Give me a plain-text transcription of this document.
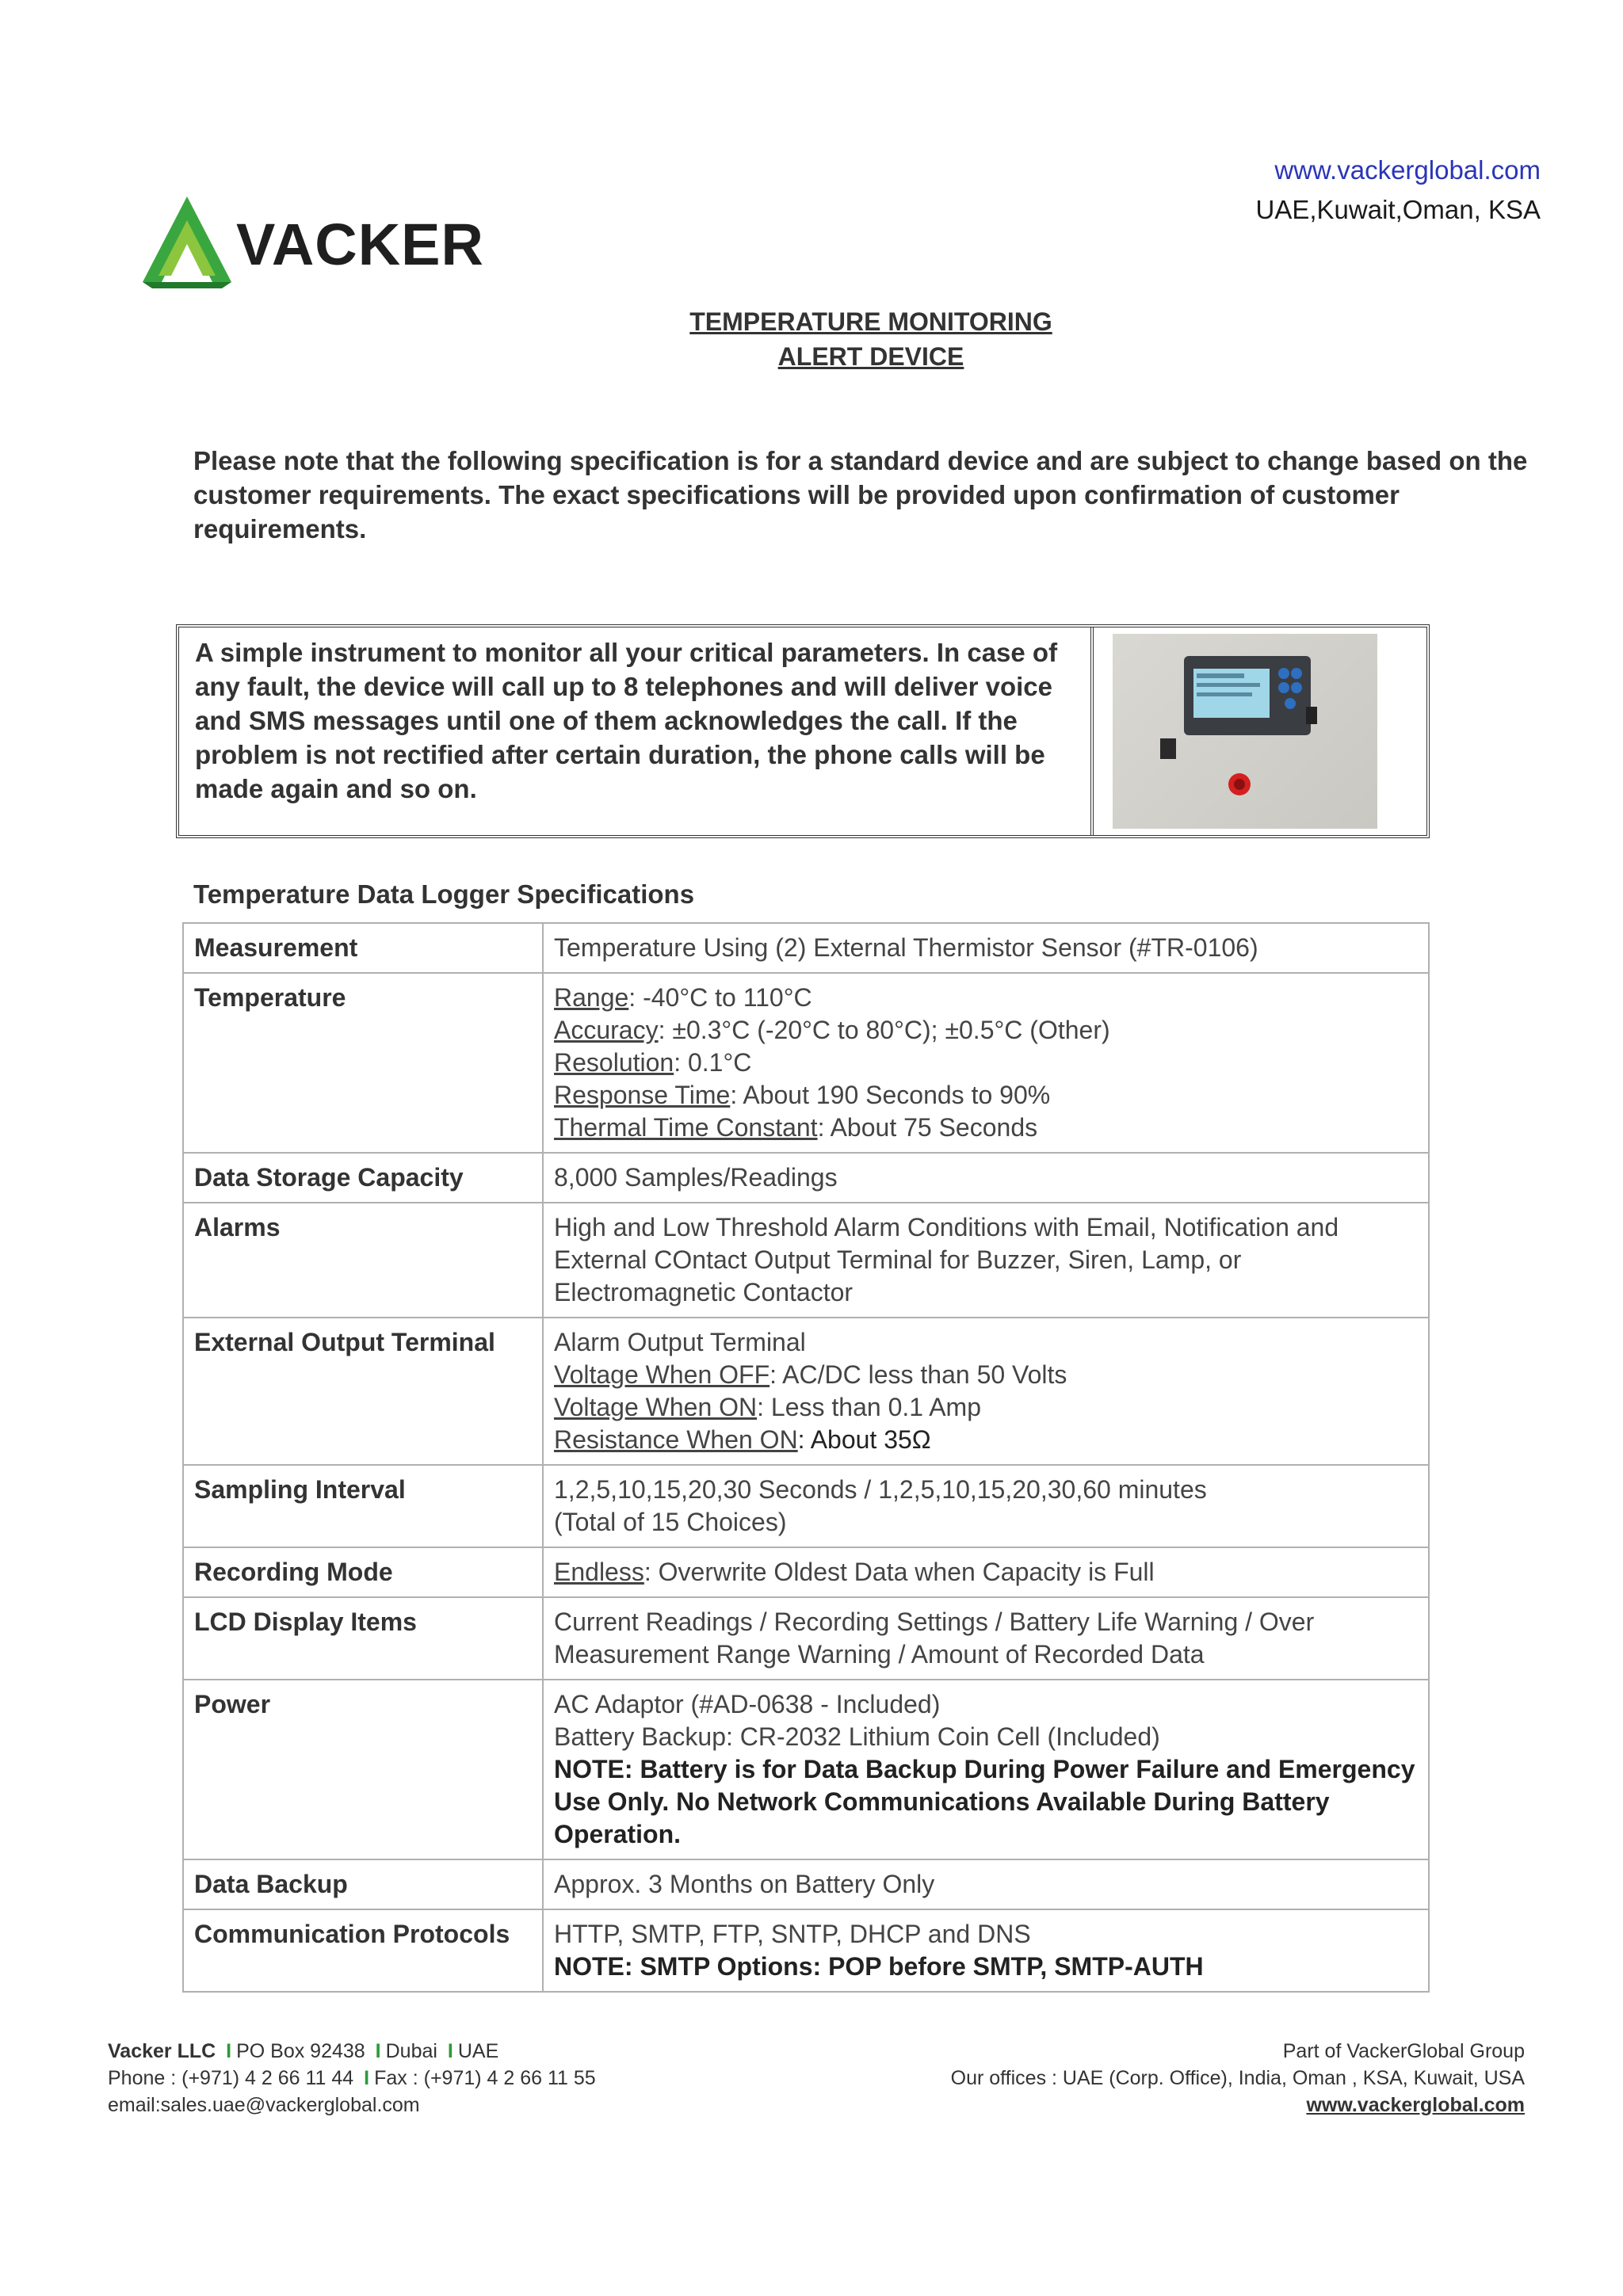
www.vackerglobal.com
UAE,Kuwait,Oman, KSA
VACKER
TEMPERATURE MONITORING
ALERT DEVICE
Please note that the following specification is for a standard device and are subject to change based on the customer requirements. The exact specifications will be provided upon confirmation of customer requirements.
A simple instrument to monitor all your critical parameters. In case of any fault, the device will call up to 8 telephones and will deliver voice and SMS messages until one of them acknowledges the call. If the problem is not rectified after certain duration, the phone calls will be made again and so on.
Temperature Data Logger Specifications
Measurement	Temperature Using (2) External Thermistor Sensor (#TR-0106)
Temperature	Range: -40°C to 110°C
Accuracy: ±0.3°C (-20°C to 80°C); ±0.5°C (Other)
Resolution: 0.1°C
Response Time: About 190 Seconds to 90%
Thermal Time Constant: About 75 Seconds

Data Storage Capacity	8,000 Samples/Readings
Alarms	High and Low Threshold Alarm Conditions with Email, Notification and External COntact Output Terminal for Buzzer, Siren, Lamp, or Electromagnetic Contactor
External Output Terminal	Alarm Output Terminal
Voltage When OFF: AC/DC less than 50 Volts
Voltage When ON: Less than 0.1 Amp
Resistance When ON: About 35Ω

Sampling Interval	1,2,5,10,15,20,30 Seconds / 1,2,5,10,15,20,30,60 minutes
(Total of 15 Choices)

Recording Mode	Endless: Overwrite Oldest Data when Capacity is Full
LCD Display Items	Current Readings / Recording Settings / Battery Life Warning / Over Measurement Range Warning / Amount of Recorded Data
Power	AC Adaptor (#AD-0638 - Included)
Battery Backup: CR-2032 Lithium Coin Cell (Included)
NOTE: Battery is for Data Backup During Power Failure and Emergency Use Only. No Network Communications Available During Battery Operation.

Data Backup	Approx. 3 Months on Battery Only
Communication Protocols	HTTP, SMTP, FTP, SNTP, DHCP and DNS
NOTE: SMTP Options: POP before SMTP, SMTP-AUTH
Vacker LLC I PO Box 92438 I Dubai I UAE
Phone : (+971) 4 2 66 11 44 I Fax : (+971) 4 2 66 11 55
email:sales.uae@vackerglobal.com
Part of VackerGlobal Group
Our offices : UAE (Corp. Office), India, Oman , KSA, Kuwait, USA
www.vackerglobal.com
